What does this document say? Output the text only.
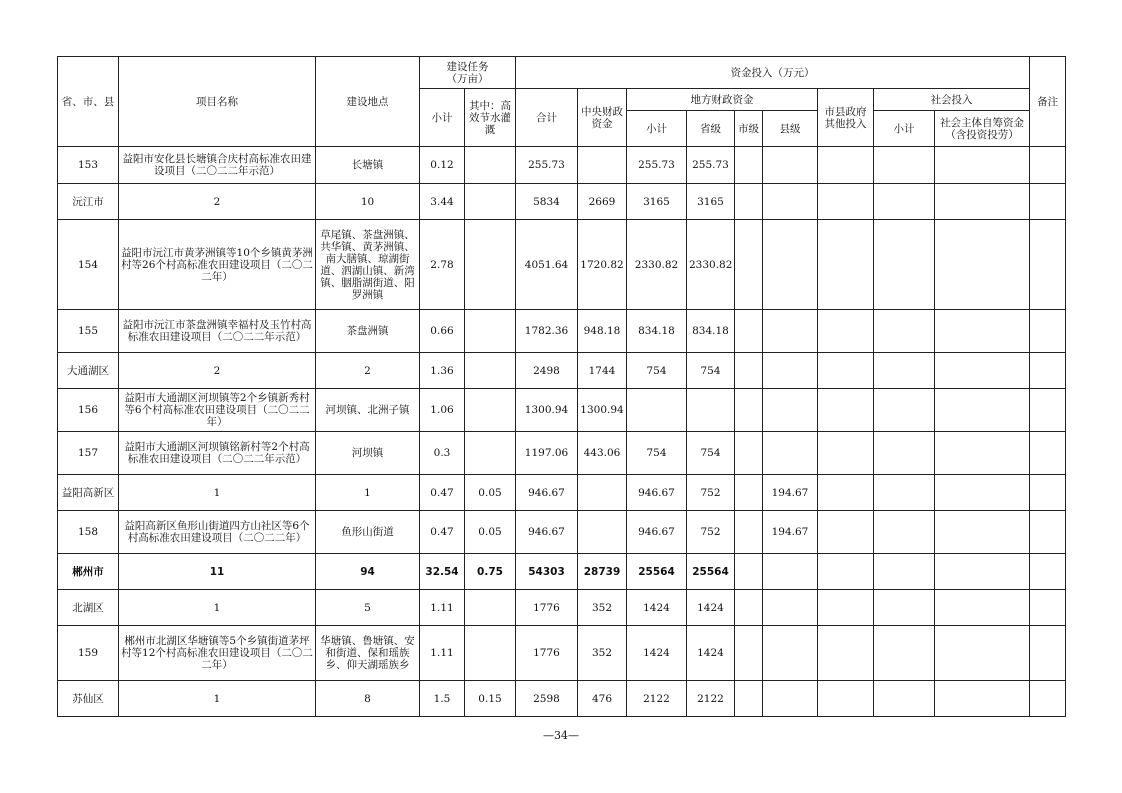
省、市、县	项目名称	建设地点	建设任务
（万亩）		资金投入（万元）									备注
			小计	其中：高效节水灌溉	合计	中央财政资金	地方财政资金				市县政府其他投入	社会投入		
							小计	省级	市级	县级		小计	社会主体自筹资金（含投资投劳）	
153	益阳市安化县长塘镇合庆村高标准农田建设项目（二〇二二年示范）	长塘镇	0.12		255.73		255.73	255.73						
沅江市	2	10	3.44		5834	2669	3165	3165						
154	益阳市沅江市黄茅洲镇等10个乡镇黄茅洲村等26个村高标准农田建设项目（二〇二二年）	草尾镇、茶盘洲镇、共华镇、黄茅洲镇、南大膳镇、琼湖街道、泗湖山镇、新湾镇、胭脂湖街道、阳罗洲镇	2.78		4051.64	1720.82	2330.82	2330.82						
155	益阳市沅江市茶盘洲镇幸福村及玉竹村高标准农田建设项目（二〇二二年示范）	茶盘洲镇	0.66		1782.36	948.18	834.18	834.18						
大通湖区	2	2	1.36		2498	1744	754	754						
156	益阳市大通湖区河坝镇等2个乡镇新秀村等6个村高标准农田建设项目（二〇二二年）	河坝镇、北洲子镇	1.06		1300.94	1300.94								
157	益阳市大通湖区河坝镇铭新村等2个村高标准农田建设项目（二〇二二年示范）	河坝镇	0.3		1197.06	443.06	754	754						
益阳高新区	1	1	0.47	0.05	946.67		946.67	752		194.67				
158	益阳高新区鱼形山街道四方山社区等6个村高标准农田建设项目（二〇二二年）	鱼形山街道	0.47	0.05	946.67		946.67	752		194.67				
郴州市	11	94	32.54	0.75	54303	28739	25564	25564						
北湖区	1	5	1.11		1776	352	1424	1424						
159	郴州市北湖区华塘镇等5个乡镇街道茅坪村等12个村高标准农田建设项目（二〇二二年）	华塘镇、鲁塘镇、安和街道、保和瑶族乡、仰天湖瑶族乡	1.11		1776	352	1424	1424						
苏仙区	1	8	1.5	0.15	2598	476	2122	2122						
—34—
